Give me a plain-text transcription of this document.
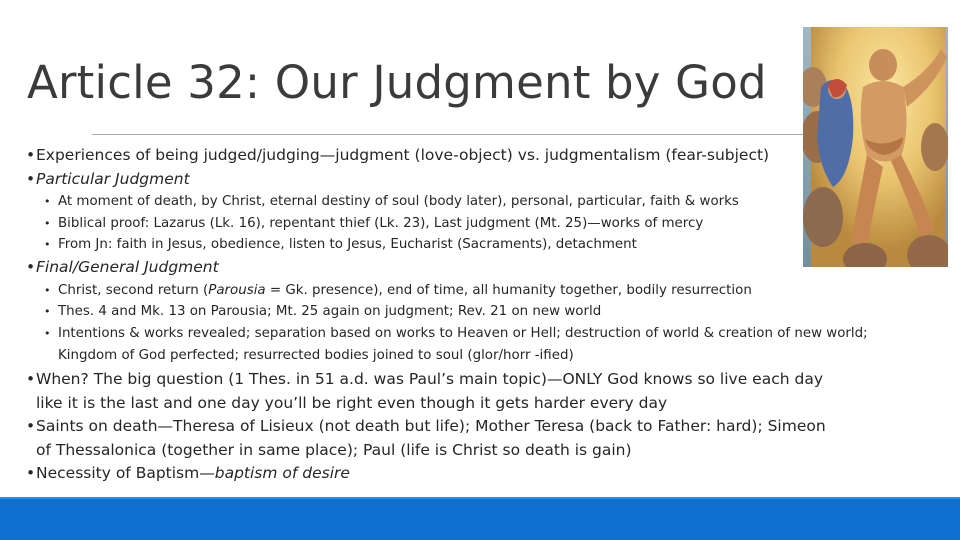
Article 32: Our Judgment by God
• Experiences of being judged/judging—judgment (love-object) vs. judgmentalism (fear-subject)
• Particular Judgment
• At moment of death, by Christ, eternal destiny of soul (body later), personal, particular, faith & works
• Biblical proof: Lazarus (Lk. 16), repentant thief (Lk. 23), Last judgment (Mt. 25)—works of mercy
• From Jn: faith in Jesus, obedience, listen to Jesus, Eucharist (Sacraments), detachment
• Final/General Judgment
• Christ, second return (Parousia = Gk. presence), end of time, all humanity together, bodily resurrection
• Thes. 4 and Mk. 13 on Parousia; Mt. 25 again on judgment; Rev. 21 on new world
• Intentions & works revealed; separation based on works to Heaven or Hell; destruction of world & creation of new world; Kingdom of God perfected; resurrected bodies joined to soul (glor/horr -ified)
• When? The big question (1 Thes. in 51 a.d. was Paul’s main topic)—ONLY God knows so live each day
like it is the last and one day you’ll be right even though it gets harder every day
• Saints on death—Theresa of Lisieux (not death but life); Mother Teresa (back to Father: hard); Simeon
of Thessalonica (together in same place); Paul (life is Christ so death is gain)
• Necessity of Baptism—baptism of desire
